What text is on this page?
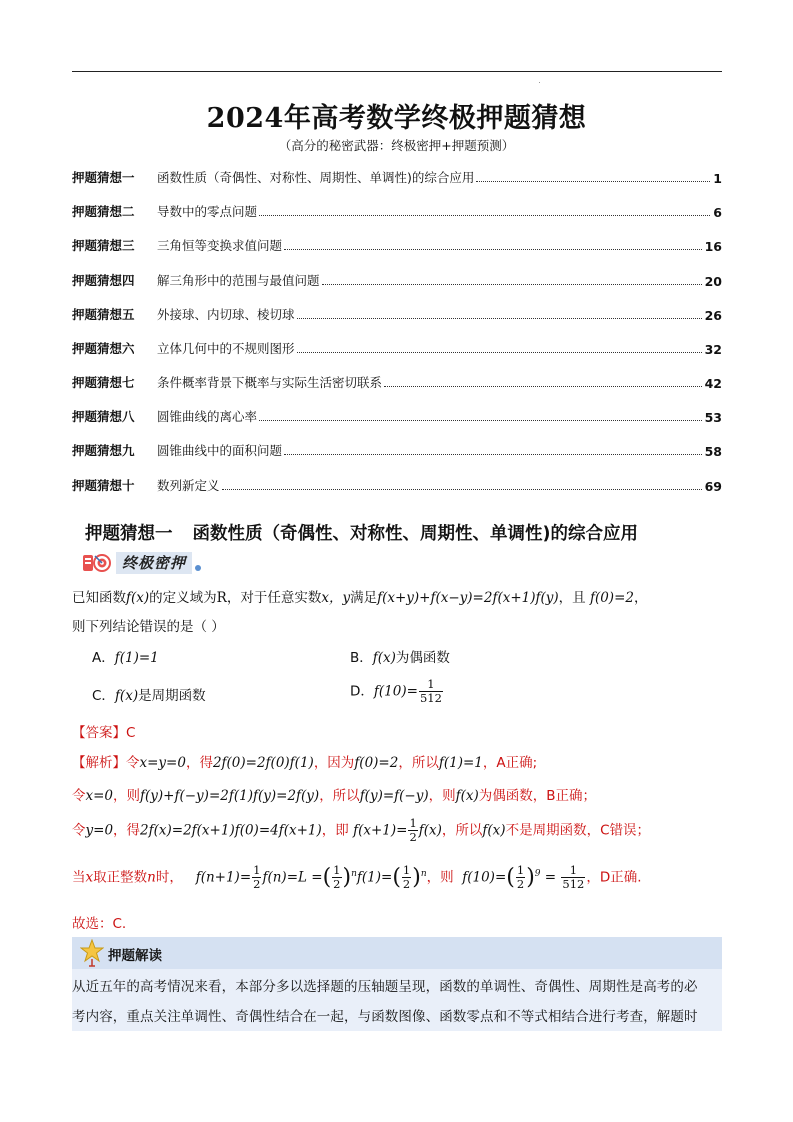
2024年高考数学终极押题猜想
（高分的秘密武器：终极密押+押题预测）
押题猜想一	函数性质（奇偶性、对称性、周期性、单调性)的综合应用	1
押题猜想二	导数中的零点问题	6
押题猜想三	三角恒等变换求值问题	16
押题猜想四	解三角形中的范围与最值问题	20
押题猜想五	外接球、内切球、棱切球	26
押题猜想六	立体几何中的不规则图形	32
押题猜想七	条件概率背景下概率与实际生活密切联系	42
押题猜想八	圆锥曲线的离心率	53
押题猜想九	圆锥曲线中的面积问题	58
押题猜想十	数列新定义	69
押题猜想一 函数性质（奇偶性、对称性、周期性、单调性)的综合应用
终极密押
已知函数f(x)的定义域为R，对于任意实数x，y满足f(x+y)+f(x−y)=2f(x+1)f(y)，且 f(0)=2，
则下列结论错误的是（ ）
A．f(1)=1	B．f(x)为偶函数
C．f(x)是周期函数	D．$f(10)= \frac{1}{512}$
【答案】C
【解析】令x=y=0，得2f(0)=2f(0)f(1)，因为f(0)=2，所以f(1)=1，A正确;
令x=0，则f(y)+f(−y)=2f(1)f(y)=2f(y)，所以f(y)=f(−y)，则f(x)为偶函数，B正确；
令y=0，得2f(x)=2f(x+1)f(0)=4f(x+1)，即 $f(x+1)= \frac{1}{2} f(x)$，所以f(x)不是周期函数，C错误；
当x取正整数n时， $f(n+1)= \frac{1}{2} f(n)=L$ =( $\frac{1}{2} )^nf(1)=( \frac{1}{2} )^n$，则 $f(10)=( \frac{1}{2} )^9 = \frac{1}{512}$ ，D正确.
故选：C.
押题解读
从近五年的高考情况来看，本部分多以选择题的压轴题呈现，函数的单调性、奇偶性、周期性是高考的必
考内容，重点关注单调性、奇偶性结合在一起，与函数图像、函数零点和不等式相结合进行考查，解题时
